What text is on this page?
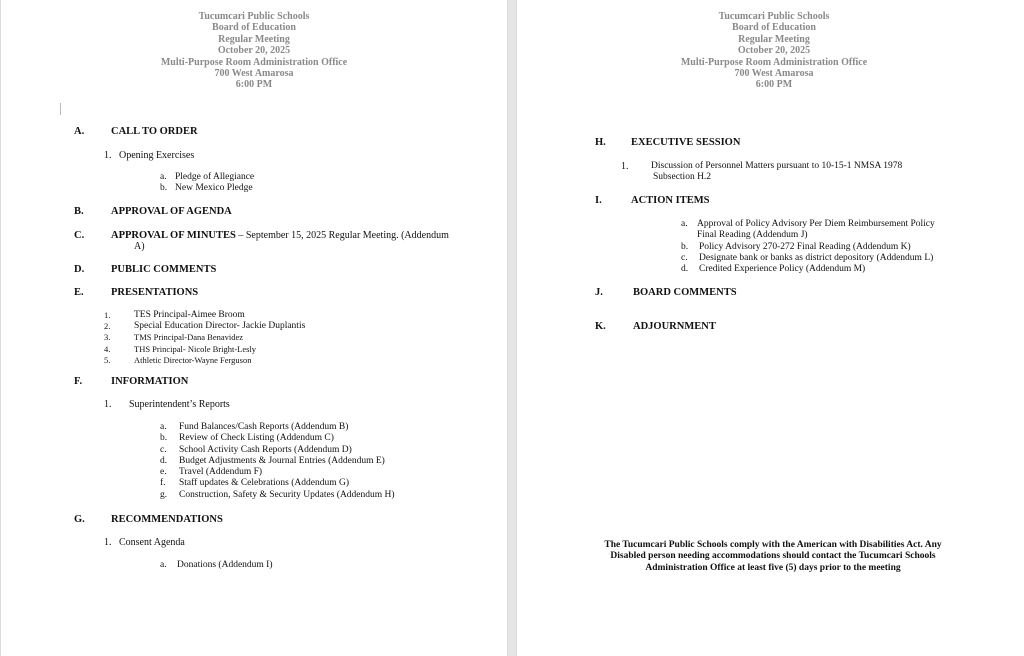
Tucumcari Public Schools
Board of Education
Regular Meeting
October 20, 2025
Multi-Purpose Room Administration Office
700 West Amarosa
6:00 PM
A.	CALL TO ORDER
1. Opening Exercises
a. Pledge of Allegiance
b. New Mexico Pledge
B.	APPROVAL OF AGENDA
C.	APPROVAL OF MINUTES – September 15, 2025 Regular Meeting. (Addendum
A)
D.	PUBLIC COMMENTS
E.	PRESENTATIONS
1.	TES Principal-Aimee Broom
2.	Special Education Director- Jackie Duplantis
3.	TMS Principal-Dana Benavidez
4.	THS Principal- Nicole Bright-Lesly
5.	Athletic Director-Wayne Ferguson
F.	INFORMATION
1. Superintendent’s Reports
a.	Fund Balances/Cash Reports (Addendum B)
b.	Review of Check Listing (Addendum C)
c.	School Activity Cash Reports (Addendum D)
d.	Budget Adjustments & Journal Entries (Addendum E)
e.	Travel (Addendum F)
f.	Staff updates & Celebrations (Addendum G)
g.	Construction, Safety & Security Updates (Addendum H)
G. RECOMMENDATIONS
1. Consent Agenda
a.	Donations (Addendum I)
Tucumcari Public Schools
Board of Education
Regular Meeting
October 20, 2025
Multi-Purpose Room Administration Office
700 West Amarosa
6:00 PM
H. EXECUTIVE SESSION
1. Discussion of Personnel Matters pursuant to 10-15-1 NMSA 1978
Subsection H.2
I.	ACTION ITEMS
a. Approval of Policy Advisory Per Diem Reimbursement Policy
Final Reading (Addendum J)
b.	Policy Advisory 270-272 Final Reading (Addendum K)
c.	Designate bank or banks as district depository (Addendum L)
d.	Credited Experience Policy (Addendum M)
J.	BOARD COMMENTS
K.	ADJOURNMENT
The Tucumcari Public Schools comply with the American with Disabilities Act. Any Disabled person needing accommodations should contact the Tucumcari Schools Administration Office at least five (5) days prior to the meeting
